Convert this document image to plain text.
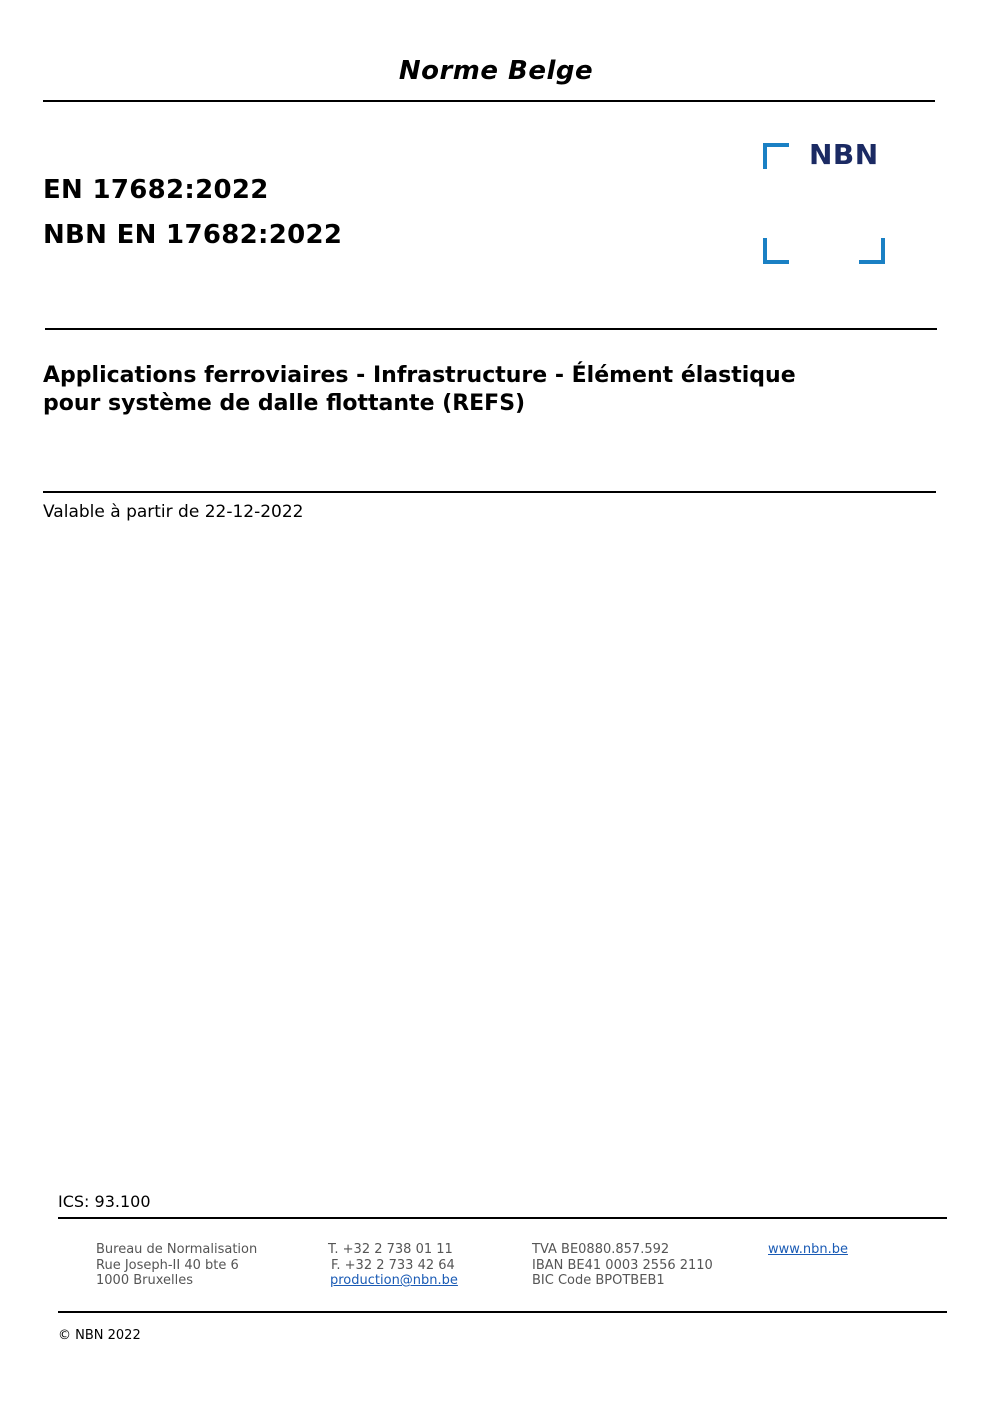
Norme Belge
EN 17682:2022
NBN EN 17682:2022
NBN
Applications ferroviaires - Infrastructure - Élément élastique
pour système de dalle flottante (REFS)
Valable à partir de 22-12-2022
ICS: 93.100
Bureau de Normalisation
Rue Joseph-II 40 bte 6
1000 Bruxelles
T. +32 2 738 01 11
F. +32 2 733 42 64
production@nbn.be
TVA BE0880.857.592
IBAN BE41 0003 2556 2110
BIC Code BPOTBEB1
www.nbn.be
© NBN 2022
